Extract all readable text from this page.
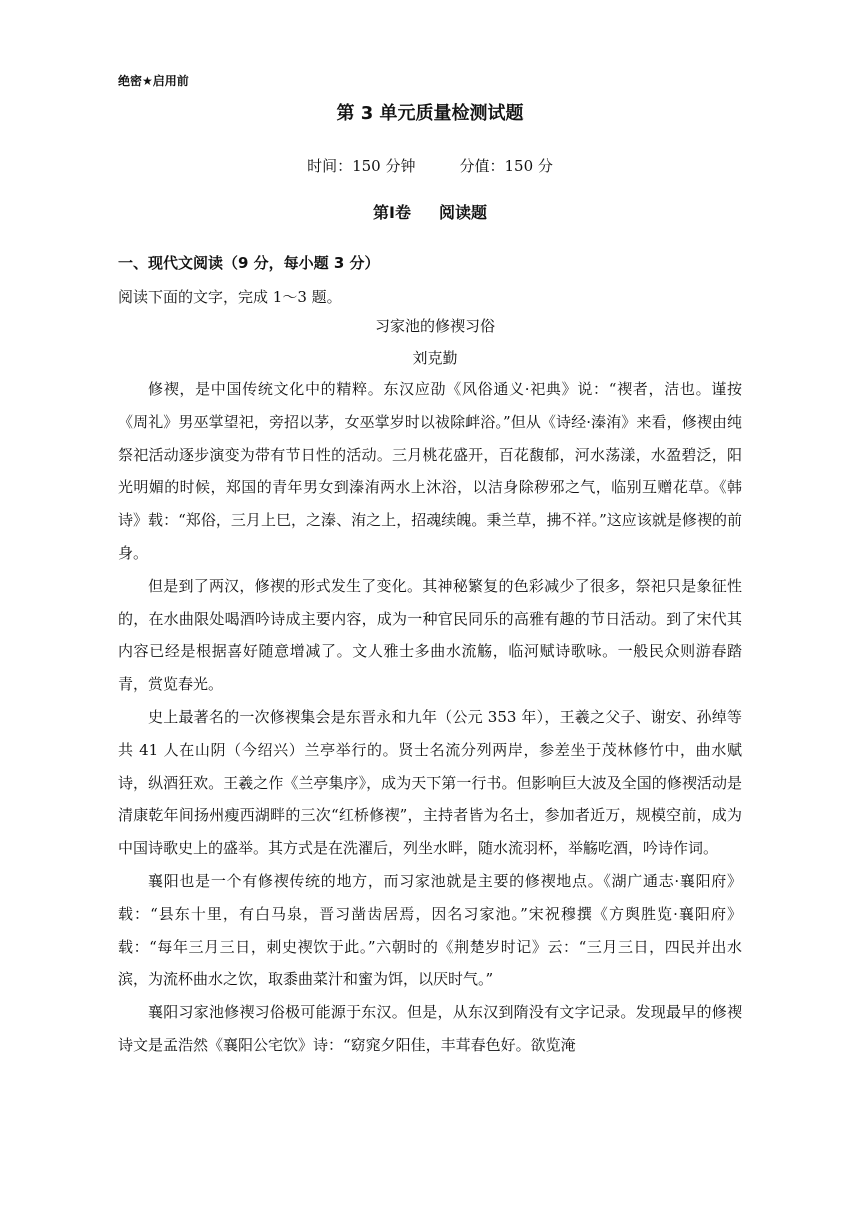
绝密★启用前
第 3 单元质量检测试题
时间：150 分钟	分值：150 分
第Ⅰ卷 阅读题
一、现代文阅读（9 分，每小题 3 分）
阅读下面的文字，完成 1～3 题。
习家池的修禊习俗
刘克勤

修禊，是中国传统文化中的精粹。东汉应劭《风俗通义·祀典》说：“禊者，洁也。谨按《周礼》男巫掌望祀，旁招以茅，女巫掌岁时以祓除衅浴。”但从《诗经·溱洧》来看，修禊由纯祭祀活动逐步演变为带有节日性的活动。三月桃花盛开，百花馥郁，河水荡漾，水盈碧泛，阳光明媚的时候，郑国的青年男女到溱洧两水上沐浴，以洁身除秽邪之气，临别互赠花草。《韩诗》载：“郑俗，三月上巳，之溱、洧之上，招魂续魄。秉兰草，拂不祥。”这应该就是修禊的前身。

但是到了两汉，修禊的形式发生了变化。其神秘繁复的色彩减少了很多，祭祀只是象征性的，在水曲限处喝酒吟诗成主要内容，成为一种官民同乐的高雅有趣的节日活动。到了宋代其内容已经是根据喜好随意增减了。文人雅士多曲水流觞，临河赋诗歌咏。一般民众则游春踏青，赏览春光。

史上最著名的一次修禊集会是东晋永和九年（公元 353 年），王羲之父子、谢安、孙绰等共 41 人在山阴（今绍兴）兰亭举行的。贤士名流分列两岸，参差坐于茂林修竹中，曲水赋诗，纵酒狂欢。王羲之作《兰亭集序》，成为天下第一行书。但影响巨大波及全国的修禊活动是清康乾年间扬州瘦西湖畔的三次“红桥修禊”，主持者皆为名士，参加者近万，规模空前，成为中国诗歌史上的盛举。其方式是在洗濯后，列坐水畔，随水流羽杯，举觞吃酒，吟诗作词。

襄阳也是一个有修禊传统的地方，而习家池就是主要的修禊地点。《湖广通志·襄阳府》载：“县东十里，有白马泉，晋习凿齿居焉，因名习家池。”宋祝穆撰《方舆胜览·襄阳府》载：“每年三月三日，刺史禊饮于此。”六朝时的《荆楚岁时记》云：“三月三日，四民并出水滨，为流杯曲水之饮，取黍曲菜汁和蜜为饵，以厌时气。”

襄阳习家池修禊习俗极可能源于东汉。但是，从东汉到隋没有文字记录。发现最早的修禊诗文是孟浩然《襄阳公宅饮》诗：“窈窕夕阳佳，丰茸春色好。欲览淹
